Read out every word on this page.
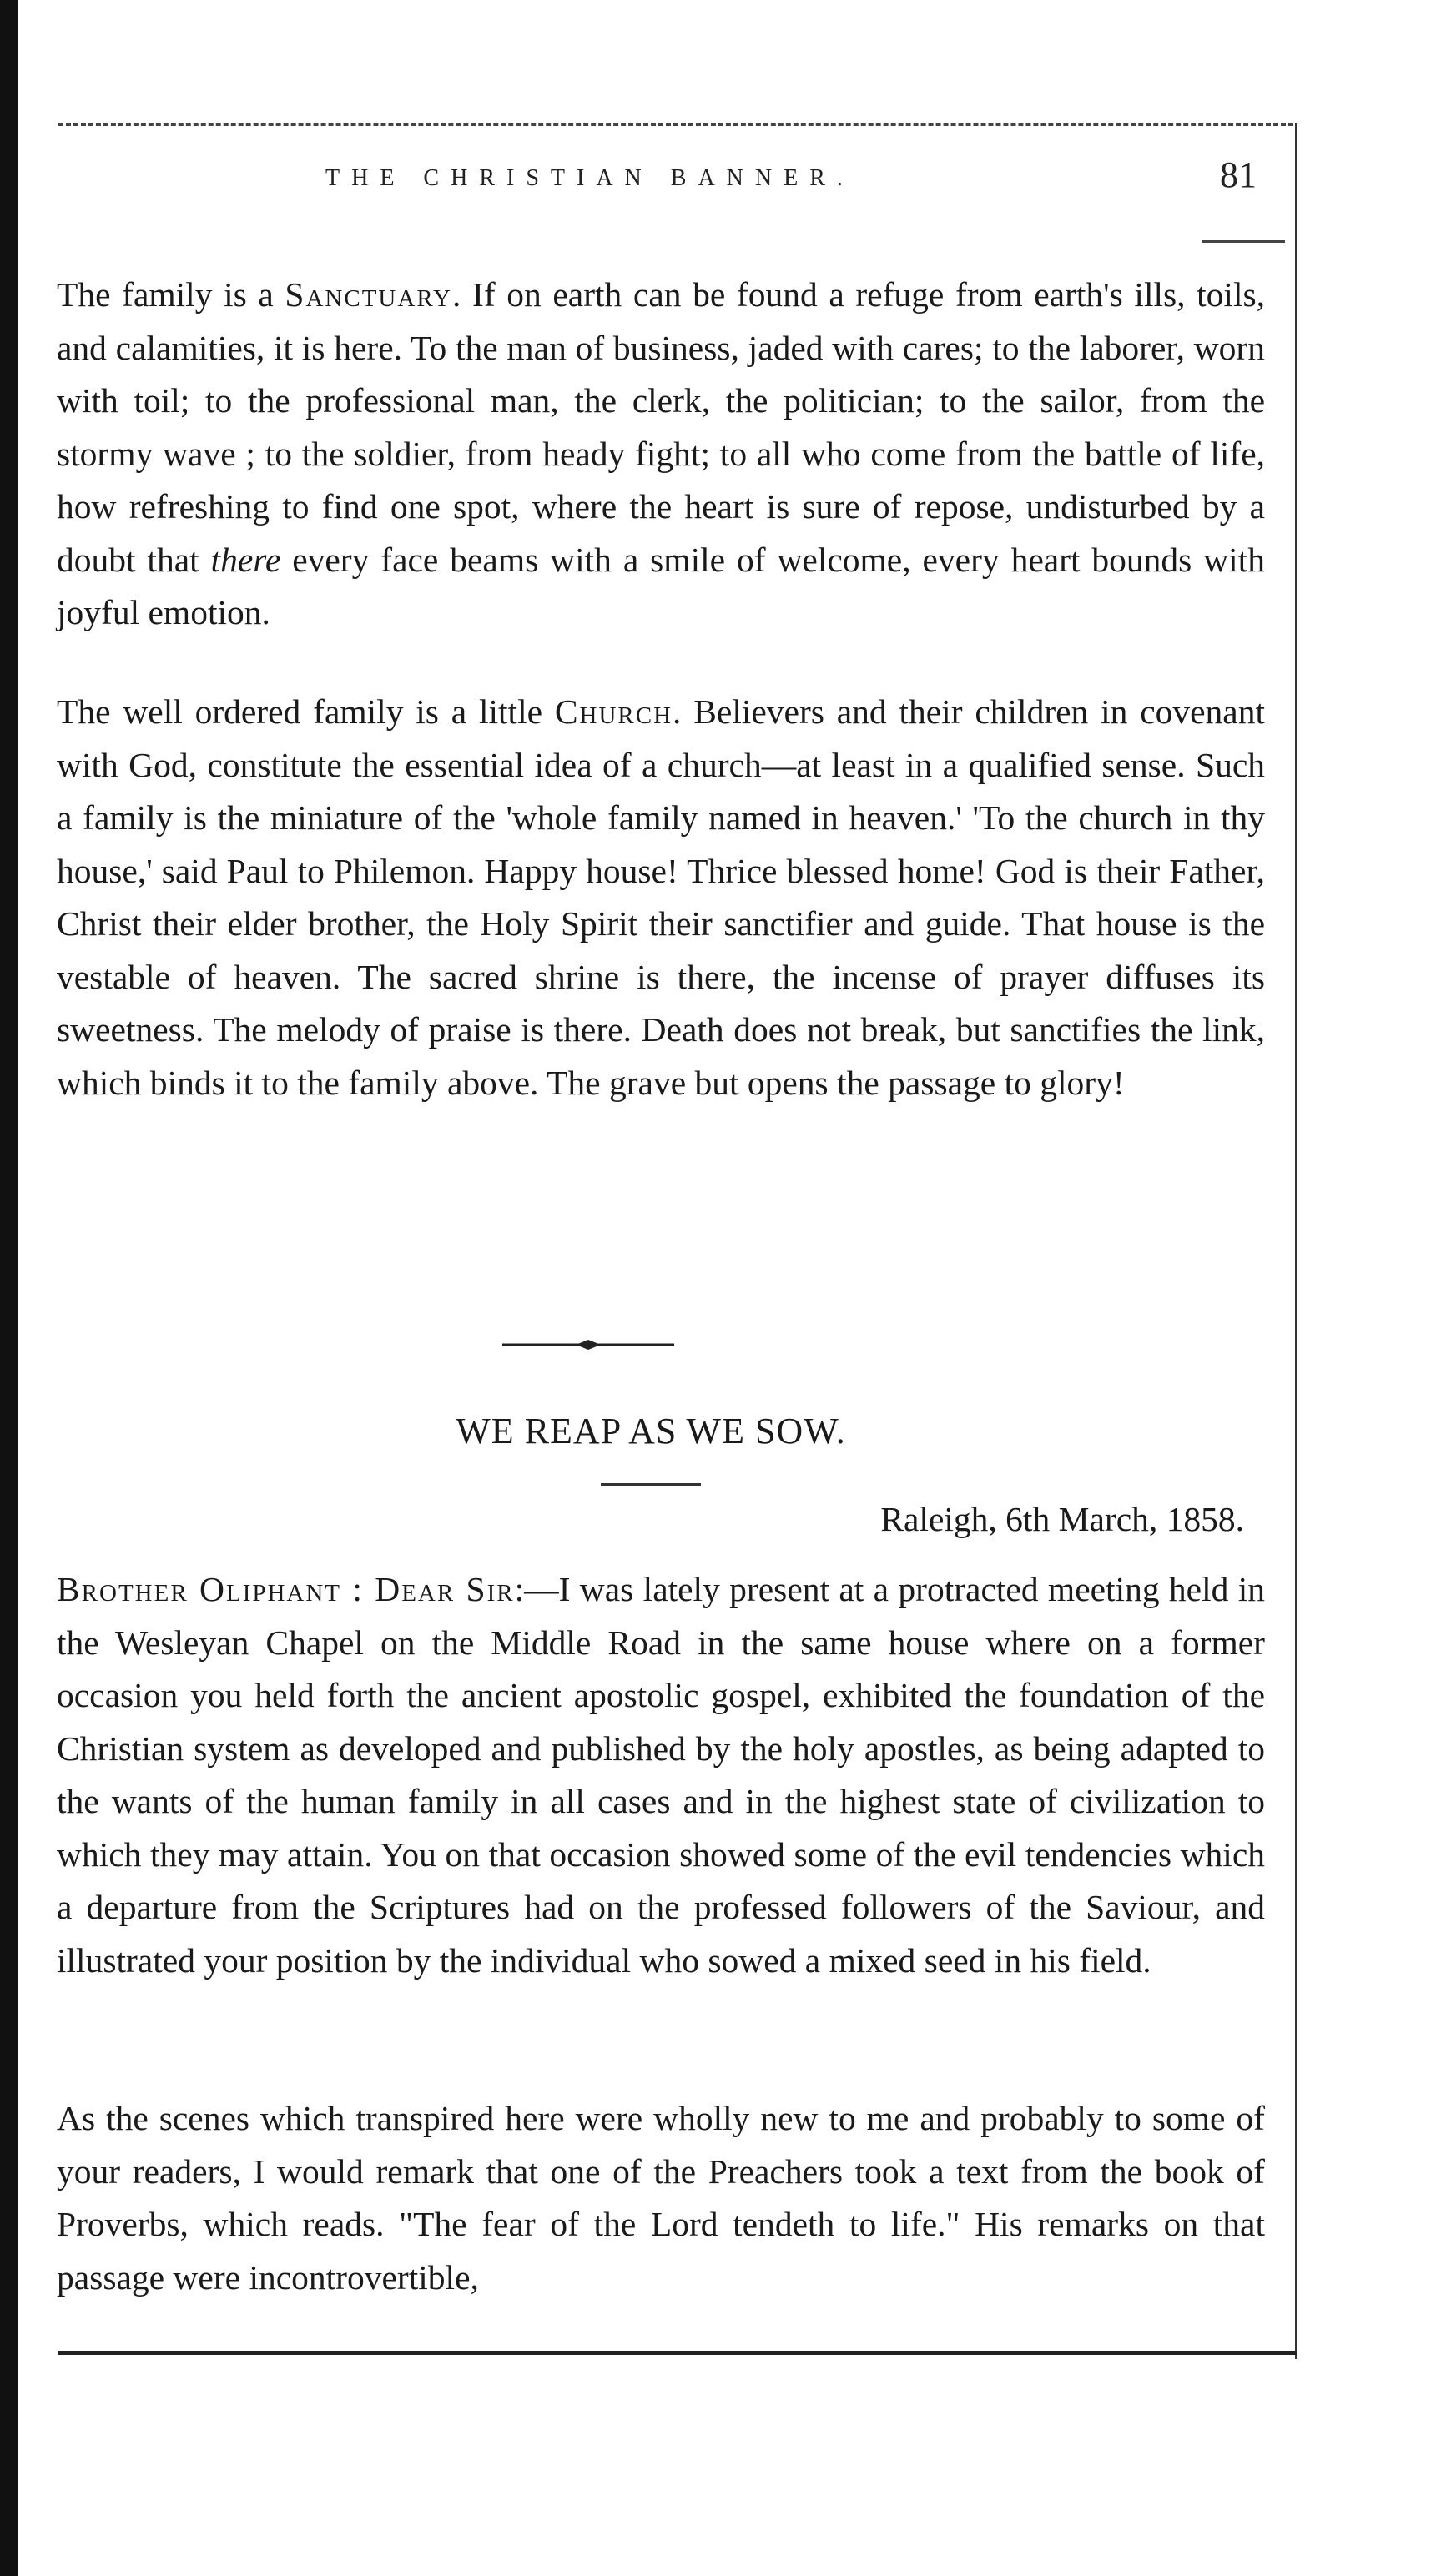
THE CHRISTIAN BANNER.	81

The family is a Sanctuary. If on earth can be found a refuge from earth's ills, toils, and calamities, it is here. To the man of business, jaded with cares; to the laborer, worn with toil; to the professional man, the clerk, the politician; to the sailor, from the stormy wave ; to the soldier, from heady fight; to all who come from the battle of life, how refreshing to find one spot, where the heart is sure of repose, undisturbed by a doubt that there every face beams with a smile of welcome, every heart bounds with joyful emotion.

The well ordered family is a little Church. Believers and their children in covenant with God, constitute the essential idea of a church—at least in a qualified sense. Such a family is the miniature of the 'whole family named in heaven.' 'To the church in thy house,' said Paul to Philemon. Happy house! Thrice blessed home! God is their Father, Christ their elder brother, the Holy Spirit their sanctifier and guide. That house is the vestable of heaven. The sacred shrine is there, the incense of prayer diffuses its sweetness. The melody of praise is there. Death does not break, but sanctifies the link, which binds it to the family above. The grave but opens the passage to glory!

WE REAP AS WE SOW.
Raleigh, 6th March, 1858.

Brother Oliphant : Dear Sir:—I was lately present at a protracted meeting held in the Wesleyan Chapel on the Middle Road in the same house where on a former occasion you held forth the ancient apostolic gospel, exhibited the foundation of the Christian system as developed and published by the holy apostles, as being adapted to the wants of the human family in all cases and in the highest state of civilization to which they may attain. You on that occasion showed some of the evil tendencies which a departure from the Scriptures had on the professed followers of the Saviour, and illustrated your position by the individual who sowed a mixed seed in his field.

As the scenes which transpired here were wholly new to me and probably to some of your readers, I would remark that one of the Preachers took a text from the book of Proverbs, which reads. "The fear of the Lord tendeth to life." His remarks on that passage were incontrovertible,
